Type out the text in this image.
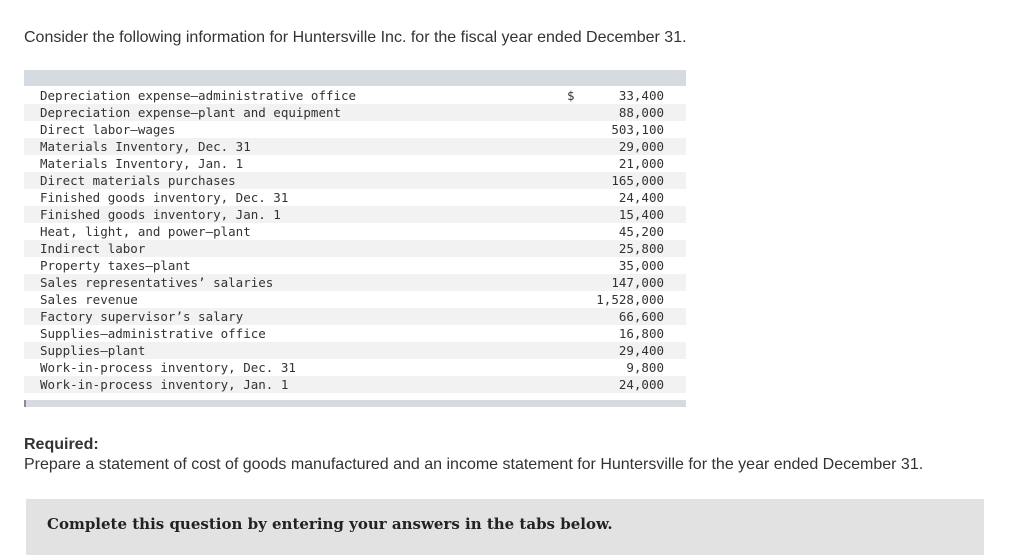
Consider the following information for Huntersville Inc. for the fiscal year ended December 31.
Depreciation expense—administrative office	$	33,400
Depreciation expense—plant and equipment	88,000
Direct labor—wages	503,100
Materials Inventory, Dec. 31	29,000
Materials Inventory, Jan. 1	21,000
Direct materials purchases	165,000
Finished goods inventory, Dec. 31	24,400
Finished goods inventory, Jan. 1	15,400
Heat, light, and power—plant	45,200
Indirect labor	25,800
Property taxes—plant	35,000
Sales representatives’ salaries	147,000
Sales revenue	1,528,000
Factory supervisor’s salary	66,600
Supplies—administrative office	16,800
Supplies—plant	29,400
Work-in-process inventory, Dec. 31	9,800
Work-in-process inventory, Jan. 1	24,000
Required:
Prepare a statement of cost of goods manufactured and an income statement for Huntersville for the year ended December 31.
Complete this question by entering your answers in the tabs below.
